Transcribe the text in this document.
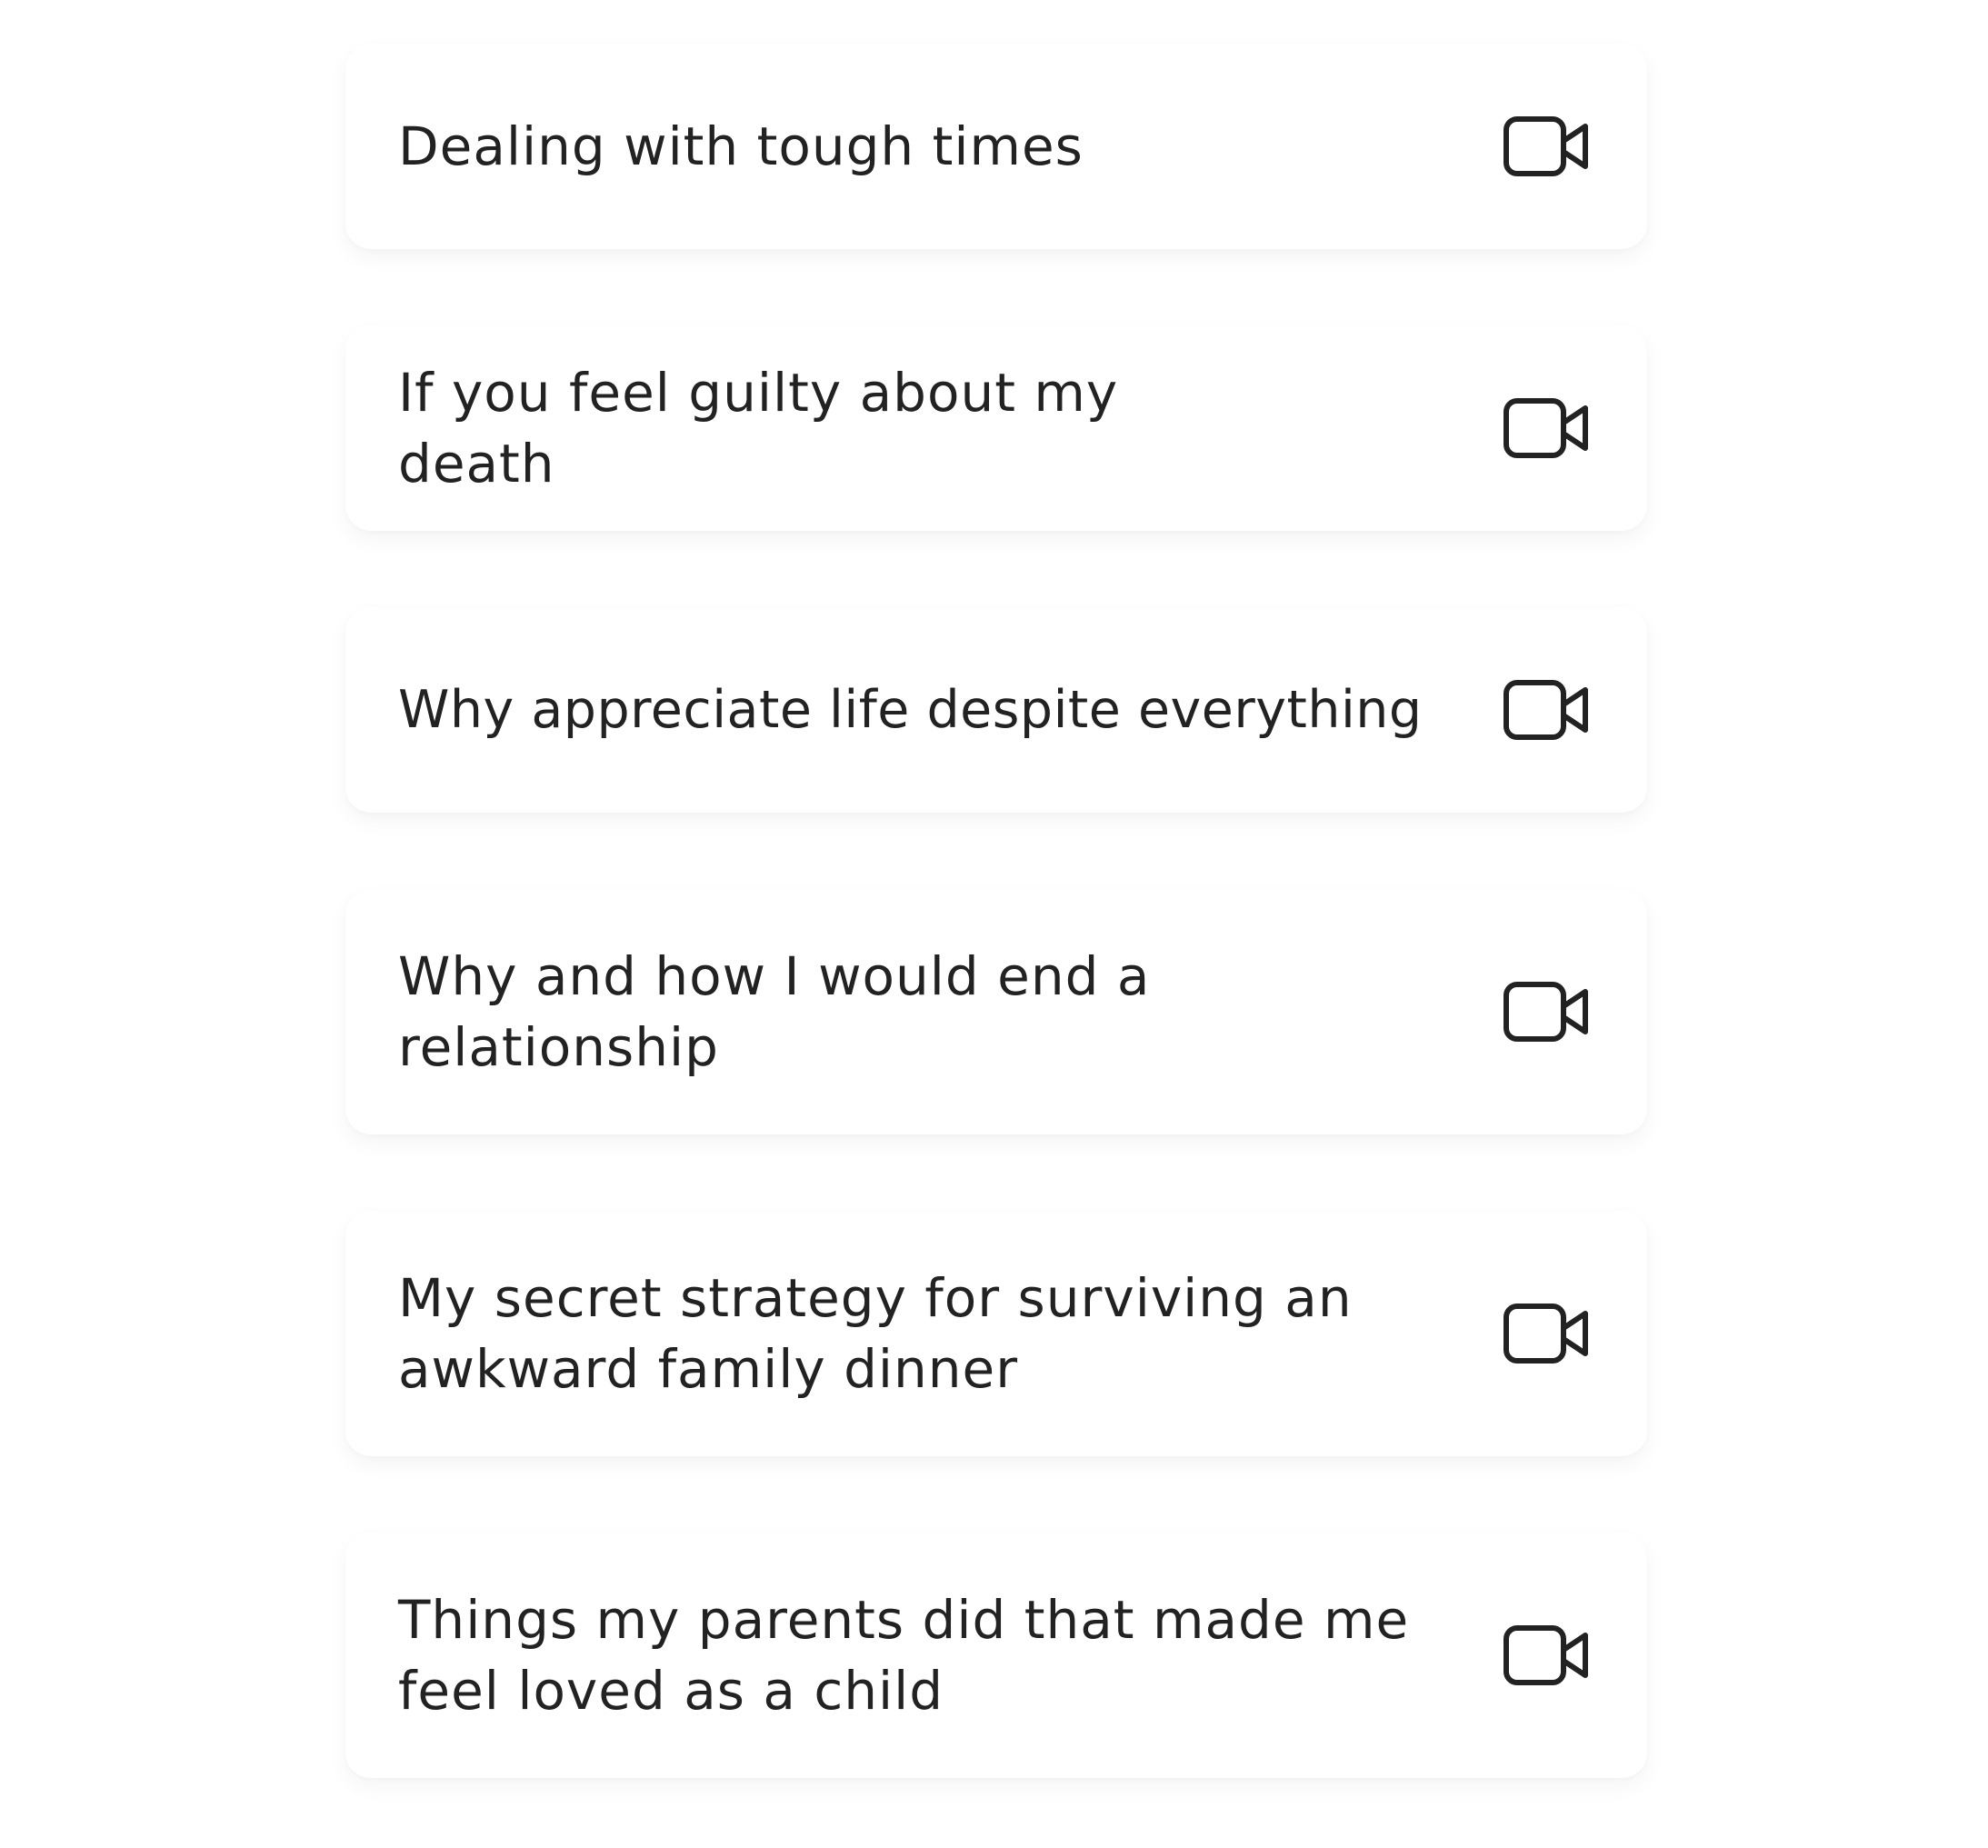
Dealing with tough times
If you feel guilty about my death
Why appreciate life despite everything
Why and how I would end a relationship
My secret strategy for surviving an awkward family dinner
Things my parents did that made me feel loved as a child
